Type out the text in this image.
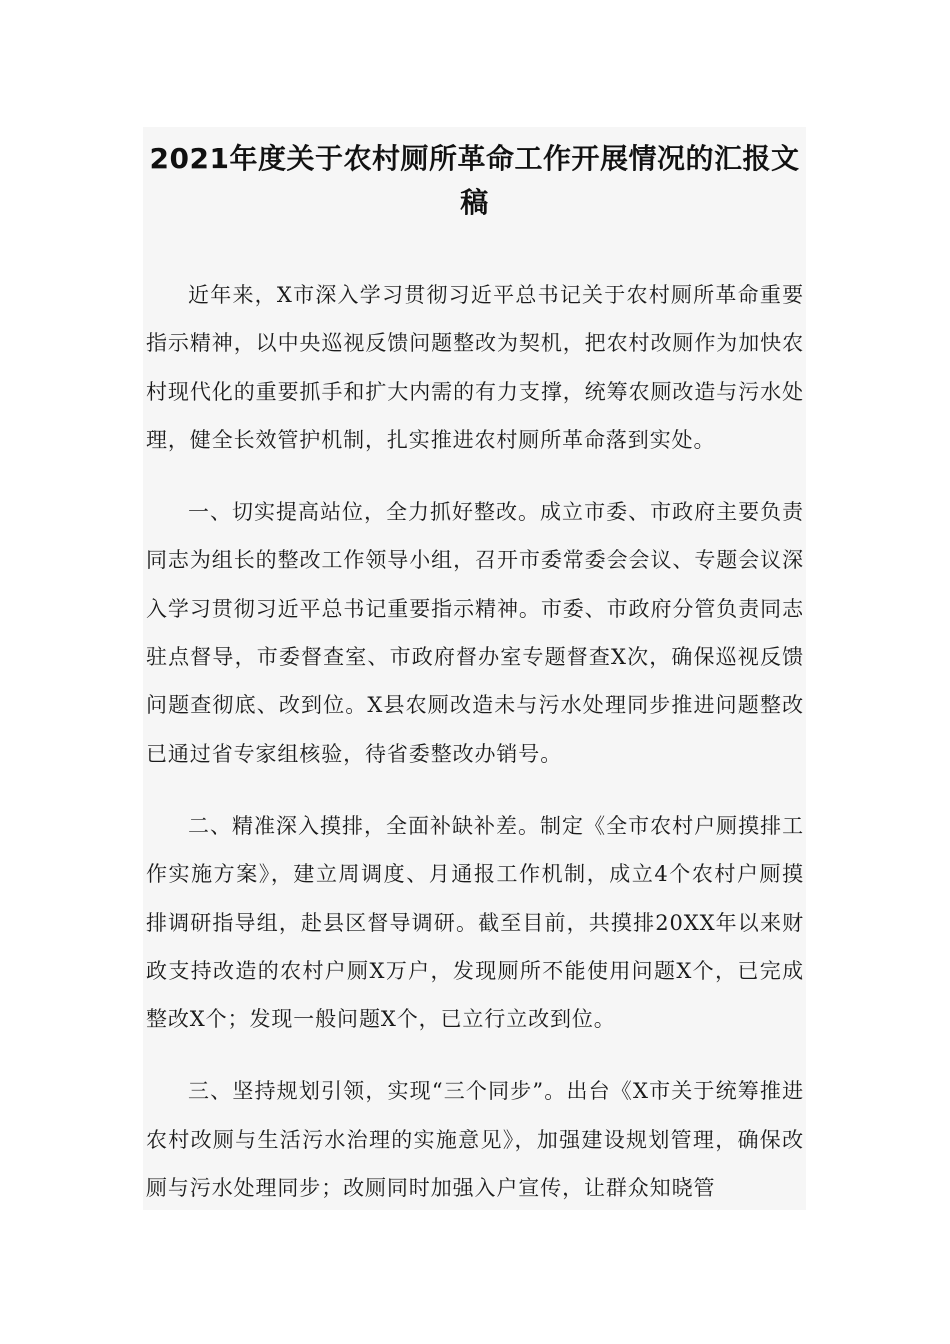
2021年度关于农村厕所革命工作开展情况的汇报文稿

近年来，X市深入学习贯彻习近平总书记关于农村厕所革命重要指示精神，以中央巡视反馈问题整改为契机，把农村改厕作为加快农村现代化的重要抓手和扩大内需的有力支撑，统筹农厕改造与污水处理，健全长效管护机制，扎实推进农村厕所革命落到实处。

一、切实提高站位，全力抓好整改。成立市委、市政府主要负责同志为组长的整改工作领导小组，召开市委常委会会议、专题会议深入学习贯彻习近平总书记重要指示精神。市委、市政府分管负责同志驻点督导，市委督查室、市政府督办室专题督查X次，确保巡视反馈问题查彻底、改到位。X县农厕改造未与污水处理同步推进问题整改已通过省专家组核验，待省委整改办销号。

二、精准深入摸排，全面补缺补差。制定《全市农村户厕摸排工作实施方案》，建立周调度、月通报工作机制，成立4个农村户厕摸排调研指导组，赴县区督导调研。截至目前，共摸排20XX年以来财政支持改造的农村户厕X万户，发现厕所不能使用问题X个，已完成整改X个；发现一般问题X个，已立行立改到位。

三、坚持规划引领，实现“三个同步”。出台《X市关于统筹推进农村改厕与生活污水治理的实施意见》，加强建设规划管理，确保改厕与污水处理同步；改厕同时加强入户宣传，让群众知晓管
